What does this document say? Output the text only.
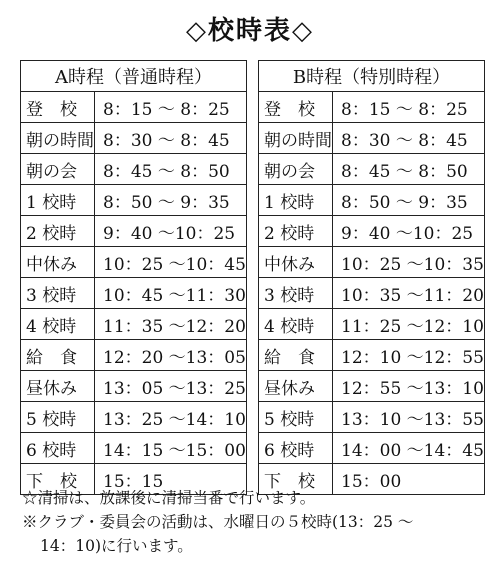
◇校時表◇
A時程（普通時程）	
登　校	8：15 ～ 8：25
朝の時間	8：30 ～ 8：45
朝の会	8：45 ～ 8：50
1 校時	8：50 ～ 9：35
2 校時	9：40 ～10：25
中休み	10：25 ～10：45
3 校時	10：45 ～11：30
4 校時	11：35 ～12：20
給　食	12：20 ～13：05
昼休み	13：05 ～13：25
5 校時	13：25 ～14：10
6 校時	14：15 ～15：00
下　校	15：15
B時程（特別時程）	
登　校	8：15 ～ 8：25
朝の時間	8：30 ～ 8：45
朝の会	8：45 ～ 8：50
1 校時	8：50 ～ 9：35
2 校時	9：40 ～10：25
中休み	10：25 ～10：35
3 校時	10：35 ～11：20
4 校時	11：25 ～12：10
給　食	12：10 ～12：55
昼休み	12：55 ～13：10
5 校時	13：10 ～13：55
6 校時	14：00 ～14：45
下　校	15：00

☆清掃は、放課後に清掃当番で行います。

※クラブ・委員会の活動は、水曜日の５校時(13：25 ～

14：10)に行います。
